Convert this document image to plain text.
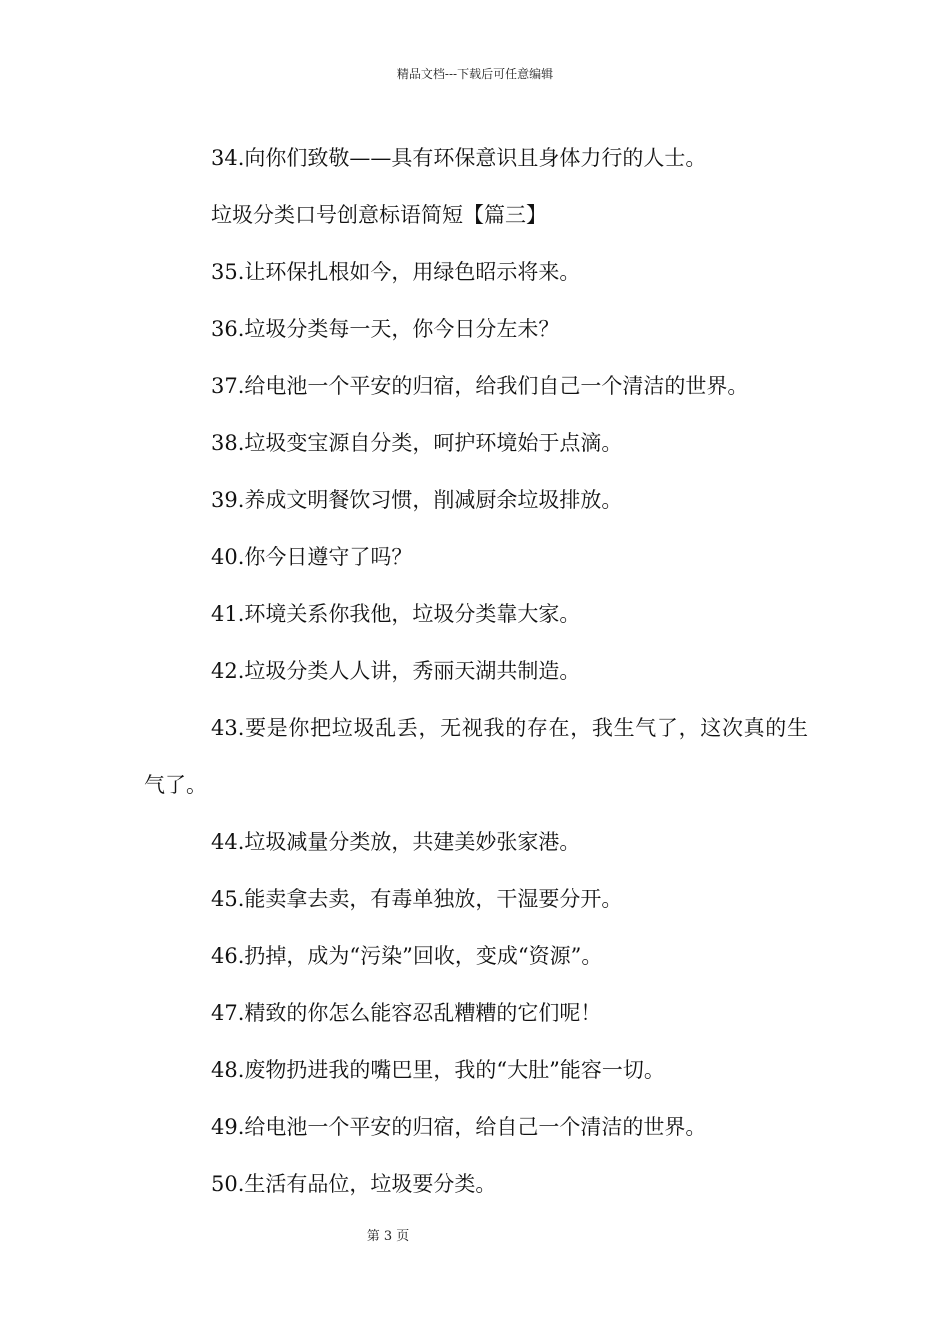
精品文档---下载后可任意编辑

34.向你们致敬——具有环保意识且身体力行的人士。

垃圾分类口号创意标语简短【篇三】

35.让环保扎根如今，用绿色昭示将来。

36.垃圾分类每一天，你今日分左未？

37.给电池一个平安的归宿，给我们自己一个清洁的世界。

38.垃圾变宝源自分类，呵护环境始于点滴。

39.养成文明餐饮习惯，削减厨余垃圾排放。

40.你今日遵守了吗？

41.环境关系你我他，垃圾分类靠大家。

42.垃圾分类人人讲，秀丽天湖共制造。

43.要是你把垃圾乱丢，无视我的存在，我生气了，这次真的生气了。

44.垃圾减量分类放，共建美妙张家港。

45.能卖拿去卖，有毒单独放，干湿要分开。

46.扔掉，成为“污染”回收，变成“资源”。

47.精致的你怎么能容忍乱糟糟的它们呢！

48.废物扔进我的嘴巴里，我的“大肚”能容一切。

49.给电池一个平安的归宿，给自己一个清洁的世界。

50.生活有品位，垃圾要分类。

第 3 页
